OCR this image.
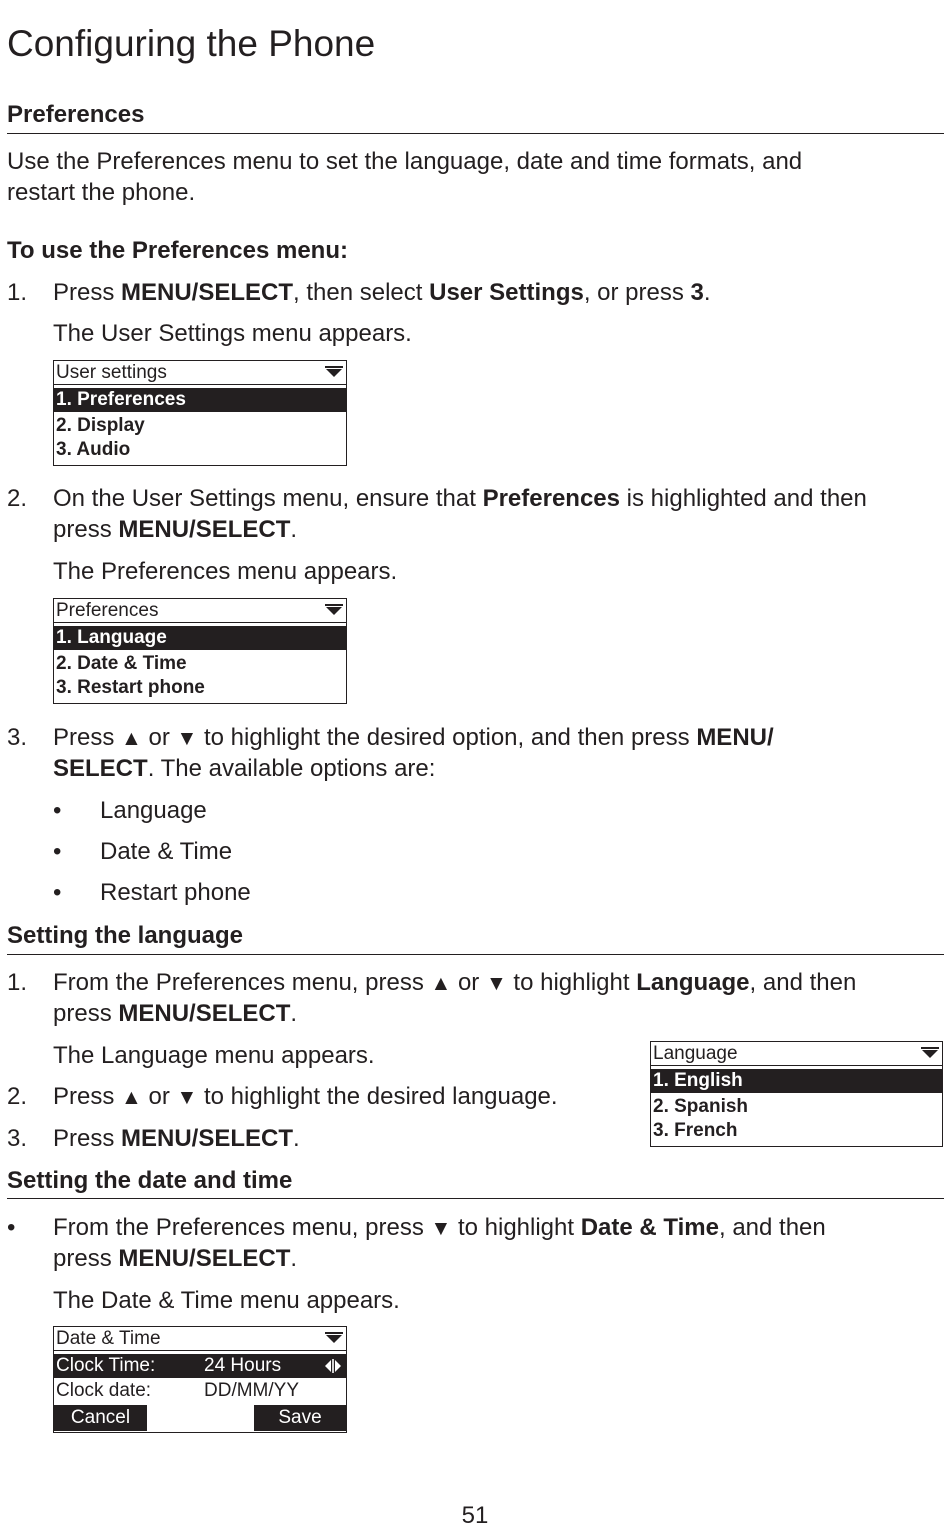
Configuring the Phone
Preferences
Use the Preferences menu to set the language, date and time formats, and
restart the phone.
To use the Preferences menu:
1. Press MENU/SELECT, then select User Settings, or press 3.
The User Settings menu appears.
User settings
1. Preferences
2. Display
3. Audio
2. On the User Settings menu, ensure that Preferences is highlighted and then
press MENU/SELECT.
The Preferences menu appears.
Preferences
1. Language
2. Date & Time
3. Restart phone
3. Press ▲ or ▼ to highlight the desired option, and then press MENU/
SELECT. The available options are:
• Language
• Date & Time
• Restart phone
Setting the language
1. From the Preferences menu, press ▲ or ▼ to highlight Language, and then
press MENU/SELECT.
The Language menu appears.
2. Press ▲ or ▼ to highlight the desired language.
3. Press MENU/SELECT.
Language
1. English
2. Spanish
3. French
Setting the date and time
• From the Preferences menu, press ▼ to highlight Date & Time, and then
press MENU/SELECT.
The Date & Time menu appears.
Date & Time
Clock Time:	24 Hours
Clock date:	DD/MM/YY
Cancel	Save
51
